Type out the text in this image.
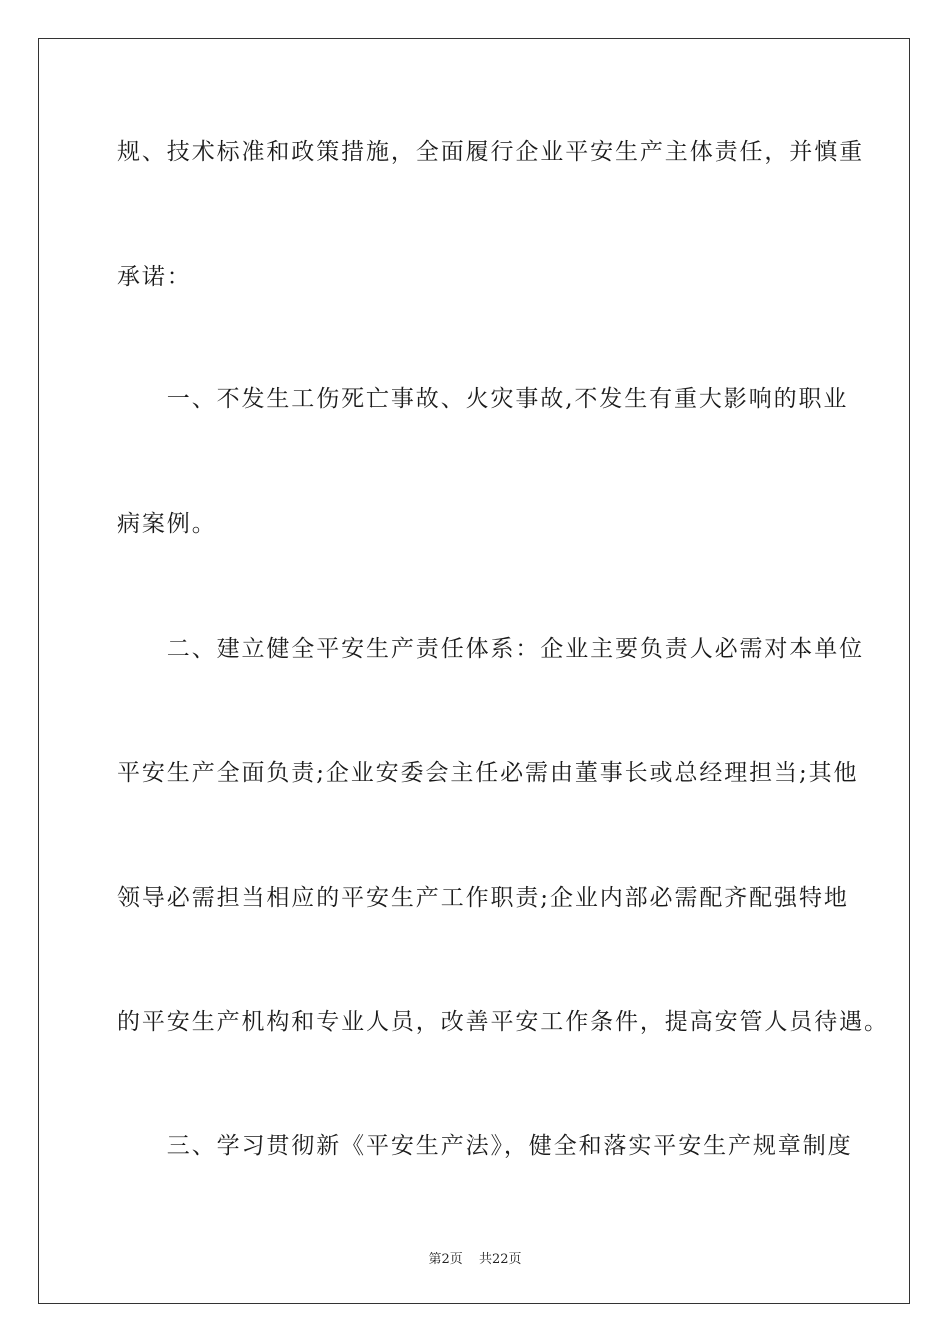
规、技术标准和政策措施，全面履行企业平安生产主体责任，并慎重
承诺：
　　一、不发生工伤死亡事故、火灾事故,不发生有重大影响的职业
病案例。
　　二、建立健全平安生产责任体系：企业主要负责人必需对本单位
平安生产全面负责;企业安委会主任必需由董事长或总经理担当;其他
领导必需担当相应的平安生产工作职责;企业内部必需配齐配强特地
的平安生产机构和专业人员，改善平安工作条件，提高安管人员待遇。
　　三、学习贯彻新《平安生产法》，健全和落实平安生产规章制度
第2页 共22页
